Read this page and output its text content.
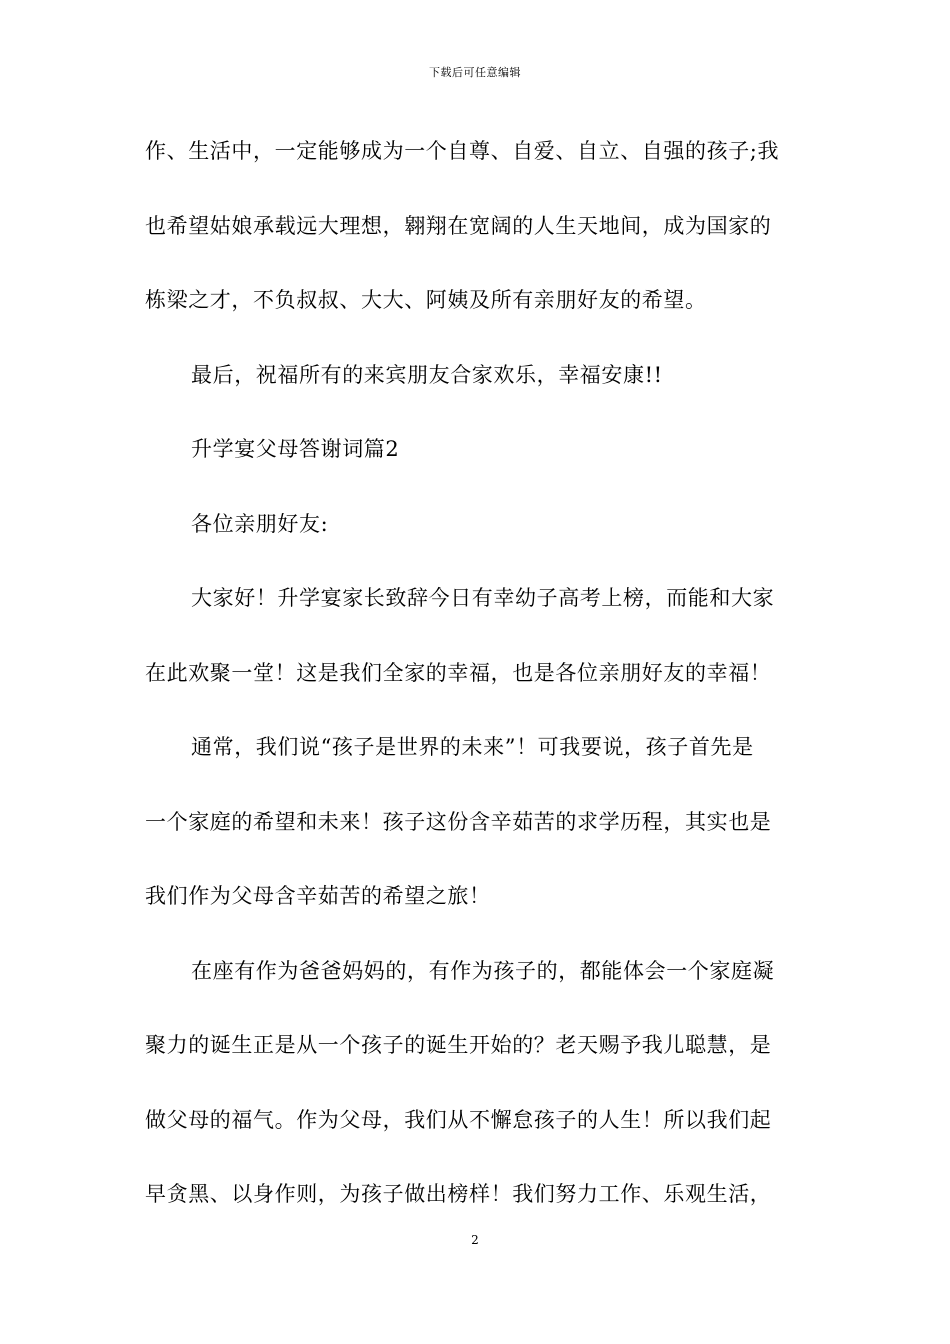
下载后可任意编辑
作、生活中，一定能够成为一个自尊、自爱、自立、自强的孩子;我
也希望姑娘承载远大理想，翱翔在宽阔的人生天地间，成为国家的
栋梁之才，不负叔叔、大大、阿姨及所有亲朋好友的希望。
最后，祝福所有的来宾朋友合家欢乐，幸福安康!!
升学宴父母答谢词篇2
各位亲朋好友:
大家好！升学宴家长致辞今日有幸幼子高考上榜，而能和大家
在此欢聚一堂！这是我们全家的幸福，也是各位亲朋好友的幸福！
通常，我们说“孩子是世界的未来”！可我要说，孩子首先是
一个家庭的希望和未来！孩子这份含辛茹苦的求学历程，其实也是
我们作为父母含辛茹苦的希望之旅！
在座有作为爸爸妈妈的，有作为孩子的，都能体会一个家庭凝
聚力的诞生正是从一个孩子的诞生开始的？老天赐予我儿聪慧，是
做父母的福气。作为父母，我们从不懈怠孩子的人生！所以我们起
早贪黑、以身作则，为孩子做出榜样！我们努力工作、乐观生活，
2
